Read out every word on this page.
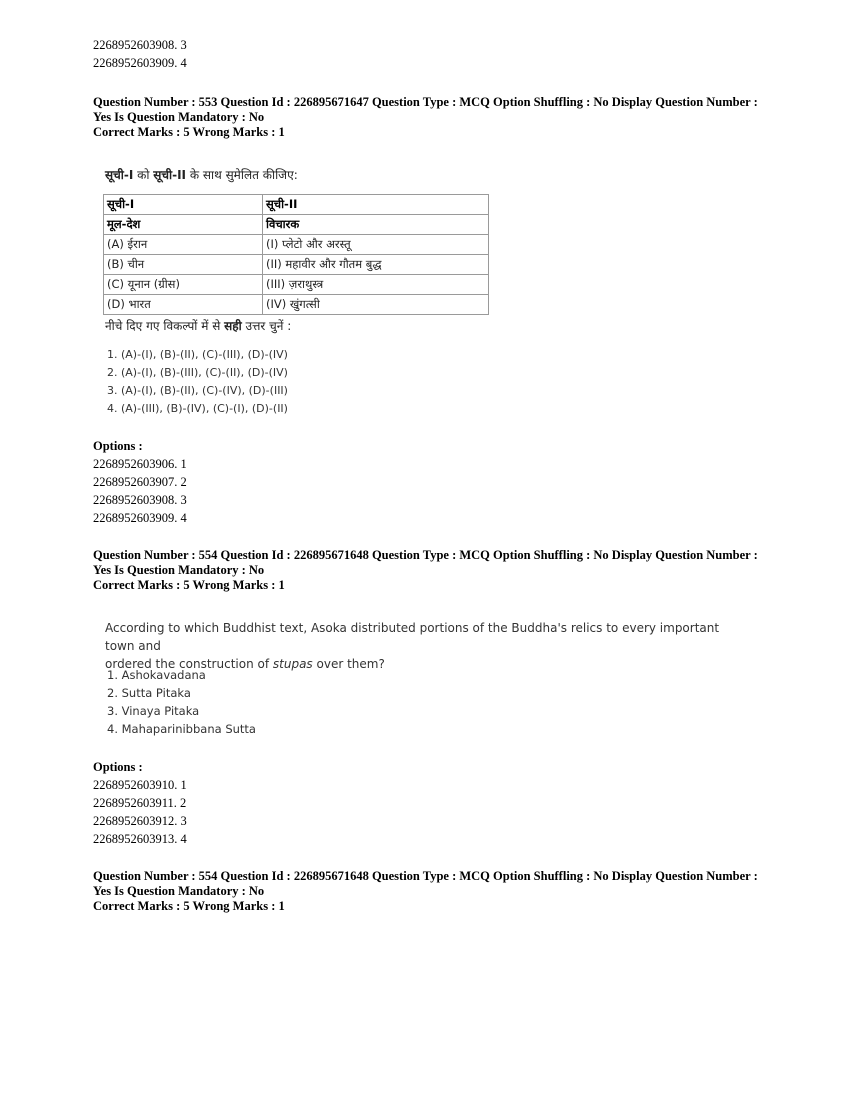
2268952603908. 3
2268952603909. 4
Question Number : 553 Question Id : 226895671647 Question Type : MCQ Option Shuffling : No Display Question Number : Yes Is Question Mandatory : No
Correct Marks : 5 Wrong Marks : 1
सूची-I को सूची-II के साथ सुमेलित कीजिए:
सूची-I	सूची-II
मूल-देश	विचारक
(A) ईरान	(I) प्लेटो और अरस्तू
(B) चीन	(II) महावीर और गौतम बुद्ध
(C) यूनान (ग्रीस)	(III) ज़राथुस्त्र
(D) भारत	(IV) खुंगत्सी
नीचे दिए गए विकल्पों में से सही उत्तर चुनें :
1. (A)-(I), (B)-(II), (C)-(III), (D)-(IV)
2. (A)-(I), (B)-(III), (C)-(II), (D)-(IV)
3. (A)-(I), (B)-(II), (C)-(IV), (D)-(III)
4. (A)-(III), (B)-(IV), (C)-(I), (D)-(II)
Options :
2268952603906. 1
2268952603907. 2
2268952603908. 3
2268952603909. 4
Question Number : 554 Question Id : 226895671648 Question Type : MCQ Option Shuffling : No Display Question Number : Yes Is Question Mandatory : No
Correct Marks : 5 Wrong Marks : 1
According to which Buddhist text, Asoka distributed portions of the Buddha's relics to every important town and
ordered the construction of stupas over them?
1. Ashokavadana
2. Sutta Pitaka
3. Vinaya Pitaka
4. Mahaparinibbana Sutta
Options :
2268952603910. 1
2268952603911. 2
2268952603912. 3
2268952603913. 4
Question Number : 554 Question Id : 226895671648 Question Type : MCQ Option Shuffling : No Display Question Number : Yes Is Question Mandatory : No
Correct Marks : 5 Wrong Marks : 1
